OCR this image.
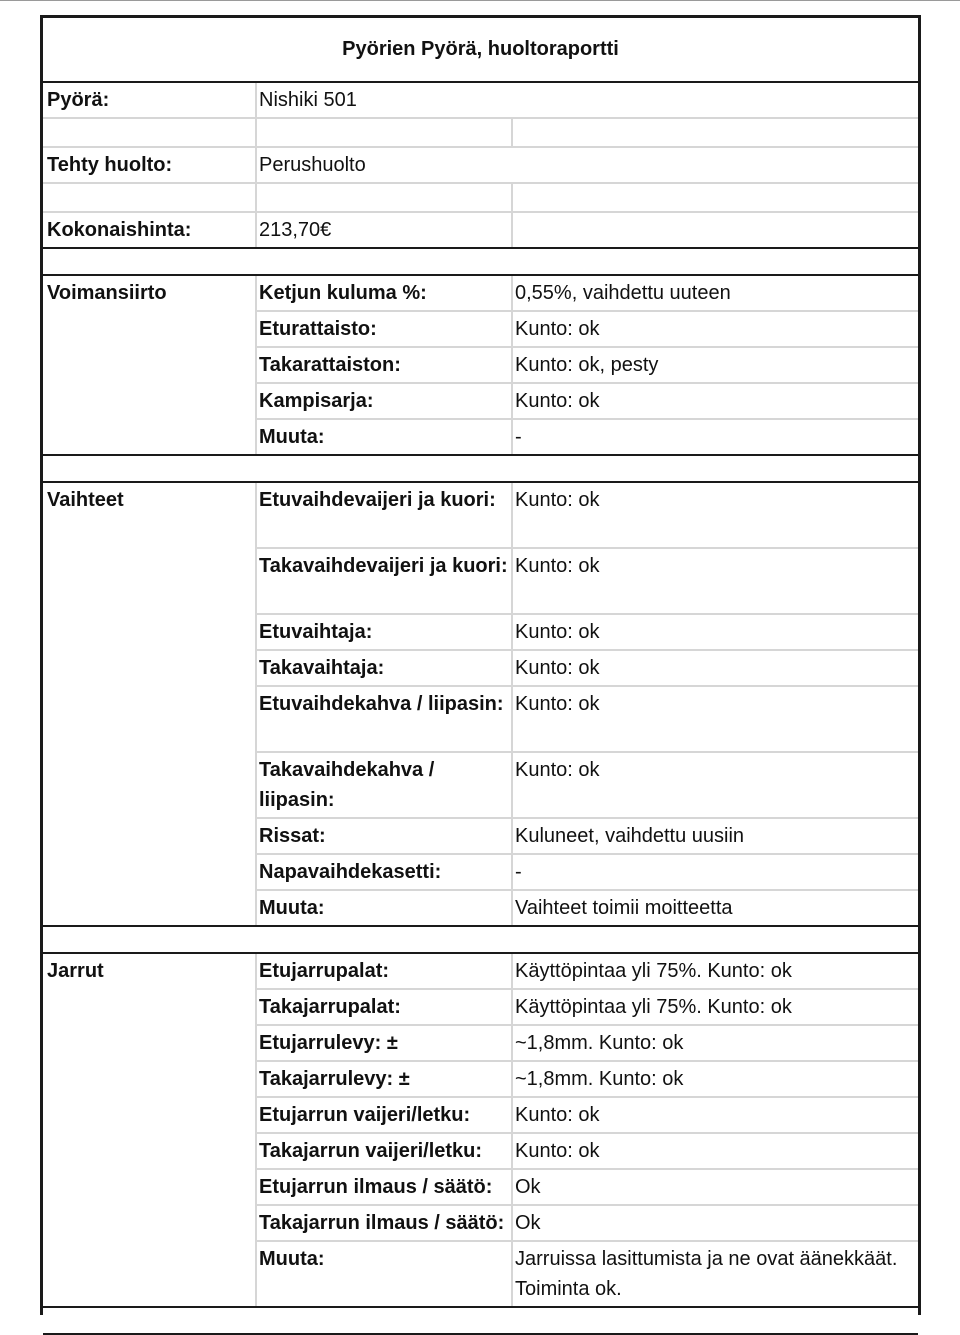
Pyörien Pyörä, huoltoraportti
Pyörä:	Nishiki 501
Tehty huolto:	Perushuolto
Kokonaishinta:	213,70€
Voimansiirto	Ketjun kuluma %:	0,55%, vaihdettu uuteen
Eturattaisto:	Kunto: ok
Takarattaiston:	Kunto: ok, pesty
Kampisarja:	Kunto: ok
Muuta:	-
Vaihteet	Etuvaihdevaijeri ja kuori: Kunto: ok
Takavaihdevaijeri ja kuori: Kunto: ok
Etuvaihtaja:	Kunto: ok
Takavaihtaja:	Kunto: ok
Etuvaihdekahva / liipasin: Kunto: ok
Takavaihdekahva / liipasin:
Kunto: ok
Rissat:	Kuluneet, vaihdettu uusiin
Napavaihdekasetti:	-
Muuta:	Vaihteet toimii moitteetta
Jarrut	Etujarrupalat:	Käyttöpintaa yli 75%. Kunto: ok
Takajarrupalat:	Käyttöpintaa yli 75%. Kunto: ok
Etujarrulevy: ±	~1,8mm. Kunto: ok
Takajarrulevy: ±	~1,8mm. Kunto: ok
Etujarrun vaijeri/letku:	Kunto: ok
Takajarrun vaijeri/letku:	Kunto: ok
Etujarrun ilmaus / säätö:	Ok
Takajarrun ilmaus / säätö: Ok
Muuta:	Jarruissa lasittumista ja ne ovat äänekkäät. Toiminta ok.
